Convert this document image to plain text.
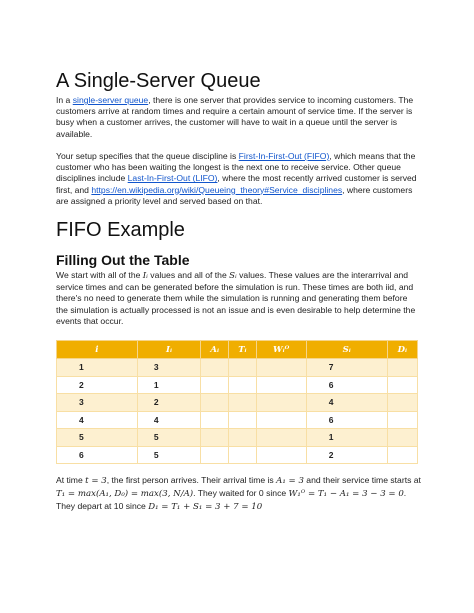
A Single-Server Queue

In a single-server queue, there is one server that provides service to incoming customers. The customers arrive at random times and require a certain amount of service time. If the server is busy when a customer arrives, the customer will have to wait in a queue until the server is available.

Your setup specifies that the queue discipline is First-In-First-Out (FIFO), which means that the customer who has been waiting the longest is the next one to receive service. Other queue disciplines include Last-In-First-Out (LIFO), where the most recently arrived customer is served first, and https://en.wikipedia.org/wiki/Queueing_theory#Service_disciplines, where customers are assigned a priority level and served based on that.

FIFO Example
Filling Out the Table

We start with all of the Iᵢ values and all of the Sᵢ values. These values are the interarrival and service times and can be generated before the simulation is run. These times are both iid, and there's no need to generate them while the simulation is running and generating them before the simulation is actually processed is not an issue and is even desirable to help determine the events that occur.

i	Iᵢ	Aᵢ	Tᵢ	Wᵢᴼ	Sᵢ	Dᵢ
1	3				7	
2	1				6	
3	2				4	
4	4				6	
5	5				1	
6	5				2	

At time t = 3, the first person arrives. Their arrival time is A₁ = 3 and their service time starts at

T₁ = max(A₁, D₀) = max(3, N/A). They waited for 0 since W₁ᴼ = T₁ − A₁ = 3 − 3 = 0.

They depart at 10 since D₁ = T₁ + S₁ = 3 + 7 = 10
